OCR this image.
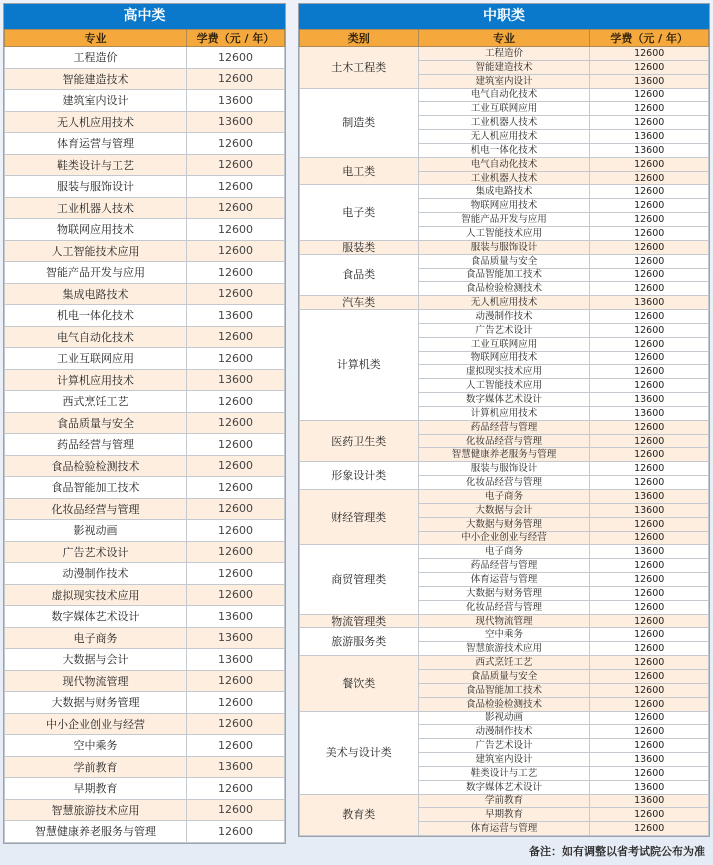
高中类
专业	学费（元 / 年）
工程造价	12600
智能建造技术	12600
建筑室内设计	13600
无人机应用技术	13600
体育运营与管理	12600
鞋类设计与工艺	12600
服装与服饰设计	12600
工业机器人技术	12600
物联网应用技术	12600
人工智能技术应用	12600
智能产品开发与应用	12600
集成电路技术	12600
机电一体化技术	13600
电气自动化技术	12600
工业互联网应用	12600
计算机应用技术	13600
西式烹饪工艺	12600
食品质量与安全	12600
药品经营与管理	12600
食品检验检测技术	12600
食品智能加工技术	12600
化妆品经营与管理	12600
影视动画	12600
广告艺术设计	12600
动漫制作技术	12600
虚拟现实技术应用	12600
数字媒体艺术设计	13600
电子商务	13600
大数据与会计	13600
现代物流管理	12600
大数据与财务管理	12600
中小企业创业与经营	12600
空中乘务	12600
学前教育	13600
早期教育	12600
智慧旅游技术应用	12600
智慧健康养老服务与管理	12600
中职类
类别	专业	学费（元 / 年）
土木工程类	工程造价	12600
	智能建造技术	12600
	建筑室内设计	13600
制造类	电气自动化技术	12600
	工业互联网应用	12600
	工业机器人技术	12600
	无人机应用技术	13600
	机电一体化技术	13600
电工类	电气自动化技术	12600
	工业机器人技术	12600
电子类	集成电路技术	12600
	物联网应用技术	12600
	智能产品开发与应用	12600
	人工智能技术应用	12600
服装类	服装与服饰设计	12600
食品类	食品质量与安全	12600
	食品智能加工技术	12600
	食品检验检测技术	12600
汽车类	无人机应用技术	13600
计算机类	动漫制作技术	12600
	广告艺术设计	12600
	工业互联网应用	12600
	物联网应用技术	12600
	虚拟现实技术应用	12600
	人工智能技术应用	12600
	数字媒体艺术设计	13600
	计算机应用技术	13600
医药卫生类	药品经营与管理	12600
	化妆品经营与管理	12600
	智慧健康养老服务与管理	12600
形象设计类	服装与服饰设计	12600
	化妆品经营与管理	12600
财经管理类	电子商务	13600
	大数据与会计	13600
	大数据与财务管理	12600
	中小企业创业与经营	12600
商贸管理类	电子商务	13600
	药品经营与管理	12600
	体育运营与管理	12600
	大数据与财务管理	12600
	化妆品经营与管理	12600
物流管理类	现代物流管理	12600
旅游服务类	空中乘务	12600
	智慧旅游技术应用	12600
餐饮类	西式烹饪工艺	12600
	食品质量与安全	12600
	食品智能加工技术	12600
	食品检验检测技术	12600
美术与设计类	影视动画	12600
	动漫制作技术	12600
	广告艺术设计	12600
	建筑室内设计	13600
	鞋类设计与工艺	12600
	数字媒体艺术设计	13600
教育类	学前教育	13600
	早期教育	12600
	体育运营与管理	12600
备注：如有调整以省考试院公布为准
